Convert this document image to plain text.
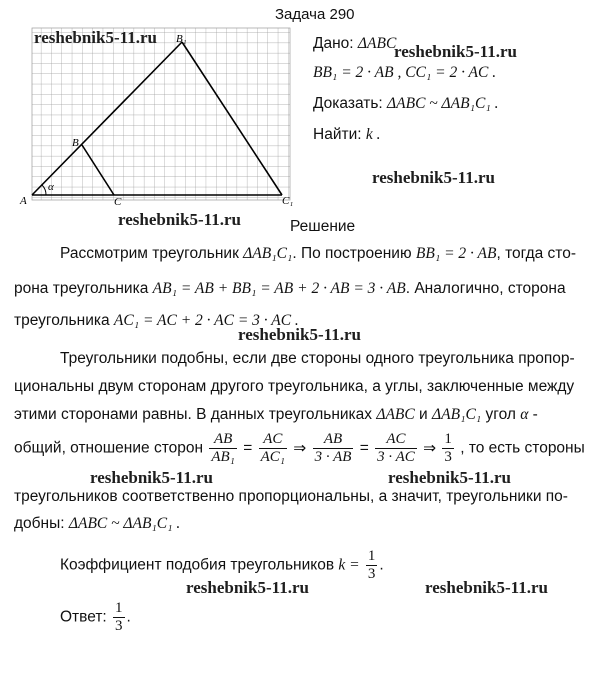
Задача 290
A
B
C
B₁
C₁
α
Дано: ΔABC
BB₁ = 2 · AB , CC₁ = 2 · AC .
Доказать: ΔABC ~ ΔAB₁C₁ .
Найти: k .
Решение
Рассмотрим треугольник ΔAB₁C₁. По построению BB₁ = 2 · AB, тогда сто-
рона треугольника AB₁ = AB + BB₁ = AB + 2 · AB = 3 · AB. Аналогично, сторона
треугольника AC₁ = AC + 2 · AC = 3 · AC .
Треугольники подобны, если две стороны одного треугольника пропор-
циональны двум сторонам другого треугольника, а углы, заключенные между
этими сторонами равны. В данных треугольниках ΔABC и ΔAB₁C₁ угол α -
общий, отношение сторон $\frac{AB}{\text{AB₁}} = \frac{AC}{\text{AC₁}}$ ⇒ $\frac{AB}{3 \cdot AB} = \frac{AC}{3 \cdot AC}$ ⇒ $\frac{1}{3}$ , то есть стороны
треугольников соответственно пропорциональны, а значит, треугольники по-
добны: ΔABC ~ ΔAB₁C₁ .
Коэффициент подобия треугольников $k = \frac{1}{3}$ .
Ответ: $\frac{1}{3}$ .
reshebnik5-11.ru
reshebnik5-11.ru
reshebnik5-11.ru
reshebnik5-11.ru
reshebnik5-11.ru
reshebnik5-11.ru	reshebnik5-11.ru
reshebnik5-11.ru	reshebnik5-11.ru
